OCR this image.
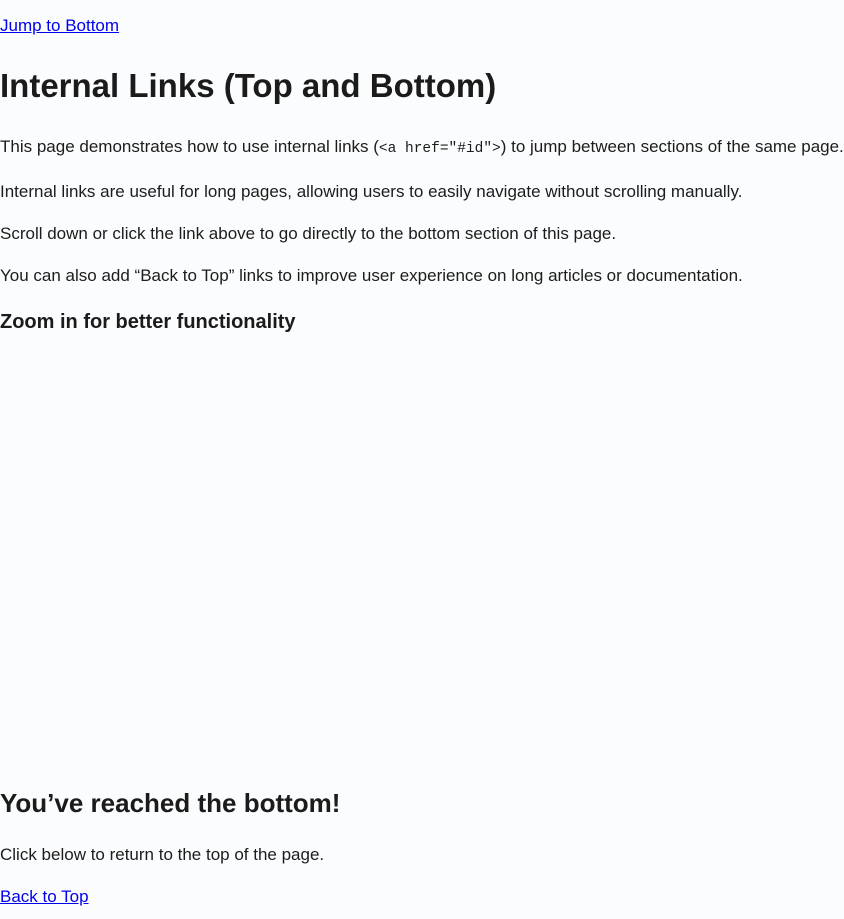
Jump to Bottom

Internal Links (Top and Bottom)

This page demonstrates how to use internal links (<a href="#id">) to jump between sections of the same page.

Internal links are useful for long pages, allowing users to easily navigate without scrolling manually.

Scroll down or click the link above to go directly to the bottom section of this page.

You can also add “Back to Top” links to improve user experience on long articles or documentation.

Zoom in for better functionality
You’ve reached the bottom!

Click below to return to the top of the page.

Back to Top
